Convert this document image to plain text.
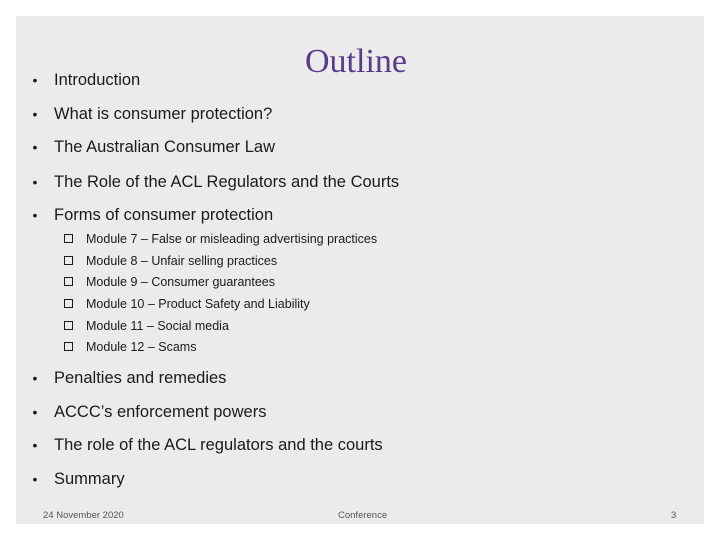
Outline
• Introduction
• What is consumer protection?
• The Australian Consumer Law
• The Role of the ACL Regulators and the Courts
• Forms of consumer protection
Module 7 – False or misleading advertising practices
Module 8 – Unfair selling practices
Module 9 – Consumer guarantees
Module 10 – Product Safety and Liability
Module 11 – Social media
Module 12 – Scams
• Penalties and remedies
• ACCC’s enforcement powers
• The role of the ACL regulators and the courts
• Summary
24 November 2020	Conference	3
